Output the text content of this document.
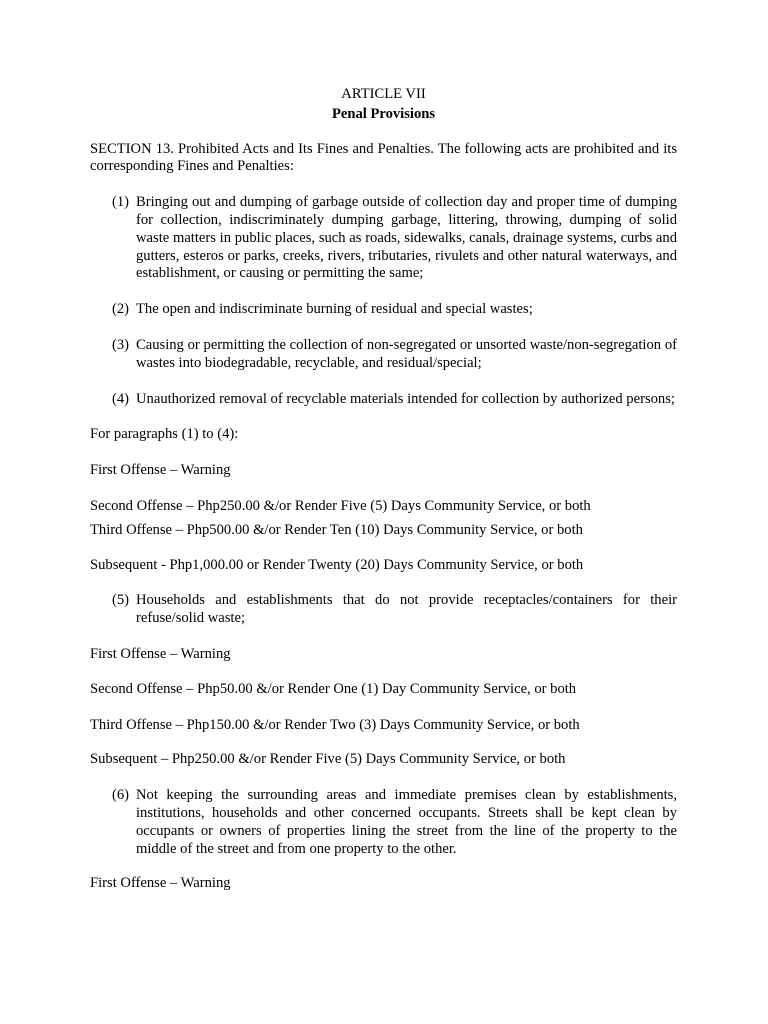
ARTICLE VII

Penal Provisions

SECTION 13. Prohibited Acts and Its Fines and Penalties. The following acts are prohibited and its corresponding Fines and Penalties:

(1) Bringing out and dumping of garbage outside of collection day and proper time of dumping for collection, indiscriminately dumping garbage, littering, throwing, dumping of solid waste matters in public places, such as roads, sidewalks, canals, drainage systems, curbs and gutters, esteros or parks, creeks, rivers, tributaries, rivulets and other natural waterways, and establishment, or causing or permitting the same;
(2) The open and indiscriminate burning of residual and special wastes;
(3) Causing or permitting the collection of non-segregated or unsorted waste/non-segregation of wastes into biodegradable, recyclable, and residual/special;
(4) Unauthorized removal of recyclable materials intended for collection by authorized persons;

For paragraphs (1) to (4):

First Offense – Warning

Second Offense – Php250.00 &/or Render Five (5) Days Community Service, or both

Third Offense – Php500.00 &/or Render Ten (10) Days Community Service, or both

Subsequent - Php1,000.00 or Render Twenty (20) Days Community Service, or both

(5) Households and establishments that do not provide receptacles/containers for their refuse/solid waste;

First Offense – Warning

Second Offense – Php50.00 &/or Render One (1) Day Community Service, or both

Third Offense – Php150.00 &/or Render Two (3) Days Community Service, or both

Subsequent – Php250.00 &/or Render Five (5) Days Community Service, or both

(6) Not keeping the surrounding areas and immediate premises clean by establishments, institutions, households and other concerned occupants. Streets shall be kept clean by occupants or owners of properties lining the street from the line of the property to the middle of the street and from one property to the other.

First Offense – Warning
